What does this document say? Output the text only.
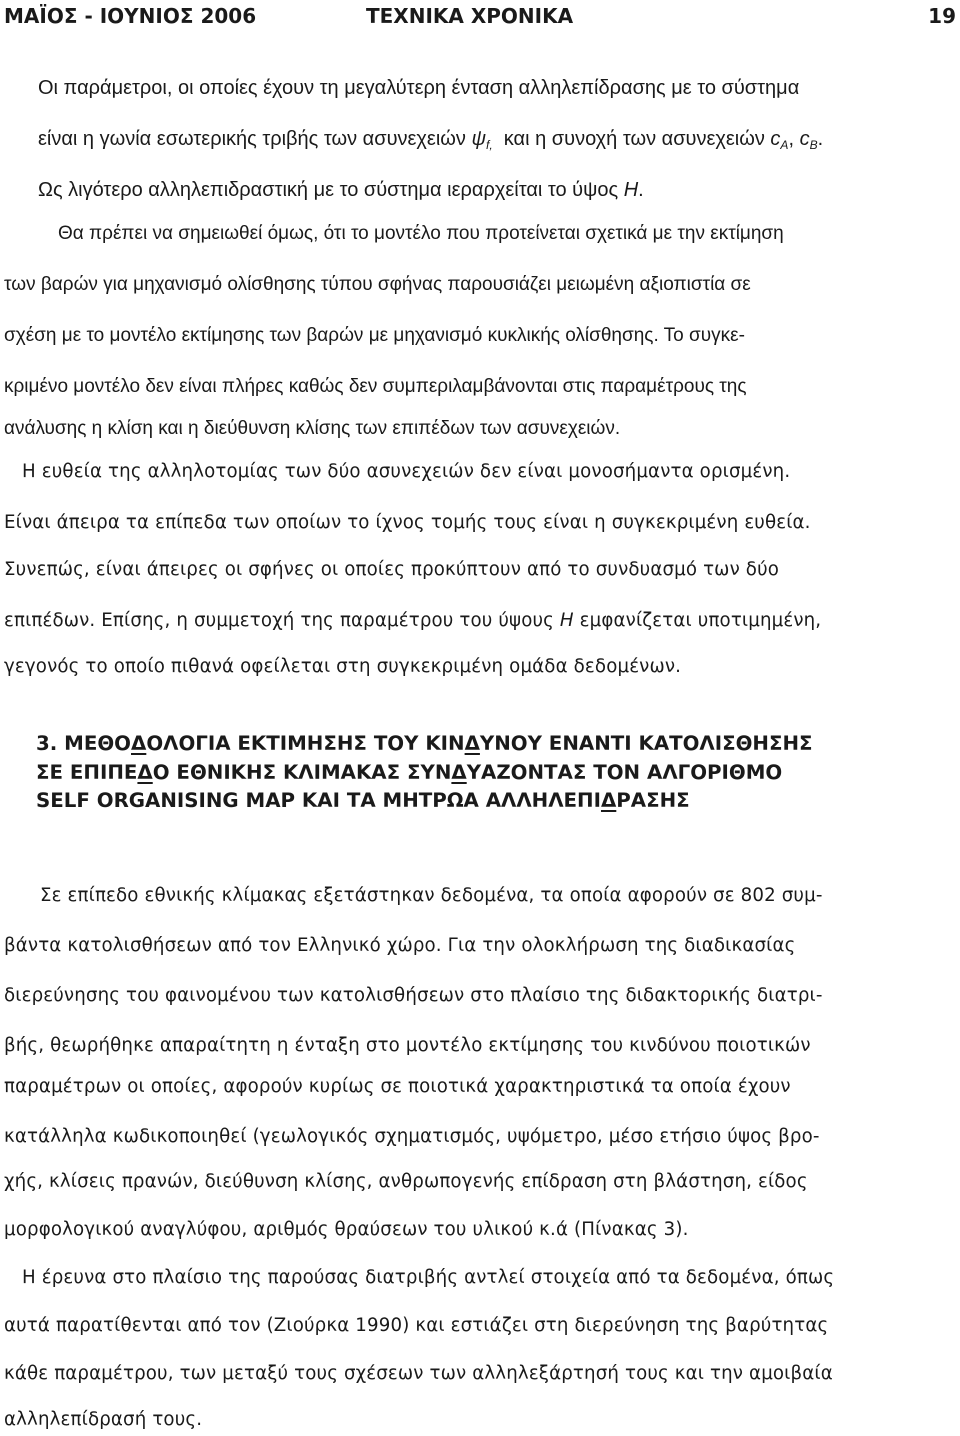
ΜΑΪΟΣ - ΙΟΥΝΙΟΣ 2006	ΤΕΧΝΙΚΑ ΧΡΟΝΙΚΑ	19
Οι παράμετροι, οι οποίες έχουν τη μεγαλύτερη ένταση αλληλεπίδρασης με το σύστημα
είναι η γωνία εσωτερικής τριβής των ασυνεχειών $\psi_{f,}$  και η συνοχή των ασυνεχειών $c_A$, $c_B$.
Ως λιγότερο αλληλεπιδραστική με το σύστημα ιεραρχείται το ύψος H.
Θα πρέπει να σημειωθεί όμως, ότι το μοντέλο που προτείνεται σχετικά με την εκτίμηση
των βαρών για μηχανισμό ολίσθησης τύπου σφήνας παρουσιάζει μειωμένη αξιοπιστία σε
σχέση με το μοντέλο εκτίμησης των βαρών με μηχανισμό κυκλικής ολίσθησης. Το συγκε-
κριμένο μοντέλο δεν είναι πλήρες καθώς δεν συμπεριλαμβάνονται στις παραμέτρους της
ανάλυσης η κλίση και η διεύθυνση κλίσης των επιπέδων των ασυνεχειών.
Η ευθεία της αλληλοτομίας των δύο ασυνεχειών δεν είναι μονοσήμαντα ορισμένη.
Είναι άπειρα τα επίπεδα των οποίων το ίχνος τομής τους είναι η συγκεκριμένη ευθεία.
Συνεπώς, είναι άπειρες οι σφήνες οι οποίες προκύπτουν από το συνδυασμό των δύο
επιπέδων. Επίσης, η συμμετοχή της παραμέτρου του ύψους H εμφανίζεται υποτιμημένη,
γεγονός το οποίο πιθανά οφείλεται στη συγκεκριμένη ομάδα δεδομένων.
3. ΜΕΘΟΔΟΛΟΓΙΑ ΕΚΤΙΜΗΣΗΣ ΤΟΥ ΚΙΝΔΥΝΟΥ ΕΝΑΝΤΙ ΚΑΤΟΛΙΣΘΗΣΗΣ
ΣΕ ΕΠΙΠΕΔΟ ΕΘΝΙΚΗΣ ΚΛΙΜΑΚΑΣ ΣΥΝΔΥΑΖΟΝΤΑΣ ΤΟΝ ΑΛΓΟΡΙΘΜΟ
SELF ORGANISING MAP ΚΑΙ ΤΑ ΜΗΤΡΩΑ ΑΛΛΗΛΕΠΙΔΡΑΣΗΣ
Σε επίπεδο εθνικής κλίμακας εξετάστηκαν δεδομένα, τα οποία αφορούν σε 802 συμ-
βάντα κατολισθήσεων από τον Ελληνικό χώρο. Για την ολοκλήρωση της διαδικασίας
διερεύνησης του φαινομένου των κατολισθήσεων στο πλαίσιο της διδακτορικής διατρι-
βής, θεωρήθηκε απαραίτητη η ένταξη στο μοντέλο εκτίμησης του κινδύνου ποιοτικών
παραμέτρων οι οποίες, αφορούν κυρίως σε ποιοτικά χαρακτηριστικά τα οποία έχουν
κατάλληλα κωδικοποιηθεί (γεωλογικός σχηματισμός, υψόμετρο, μέσο ετήσιο ύψος βρο-
χής, κλίσεις πρανών, διεύθυνση κλίσης, ανθρωπογενής επίδραση στη βλάστηση, είδος
μορφολογικού αναγλύφου, αριθμός θραύσεων του υλικού κ.ά (Πίνακας 3).
Η έρευνα στο πλαίσιο της παρούσας διατριβής αντλεί στοιχεία από τα δεδομένα, όπως
αυτά παρατίθενται από τον (Ζιούρκα 1990) και εστιάζει στη διερεύνηση της βαρύτητας
κάθε παραμέτρου, των μεταξύ τους σχέσεων των αλληλεξάρτησή τους και την αμοιβαία
αλληλεπίδρασή τους.
